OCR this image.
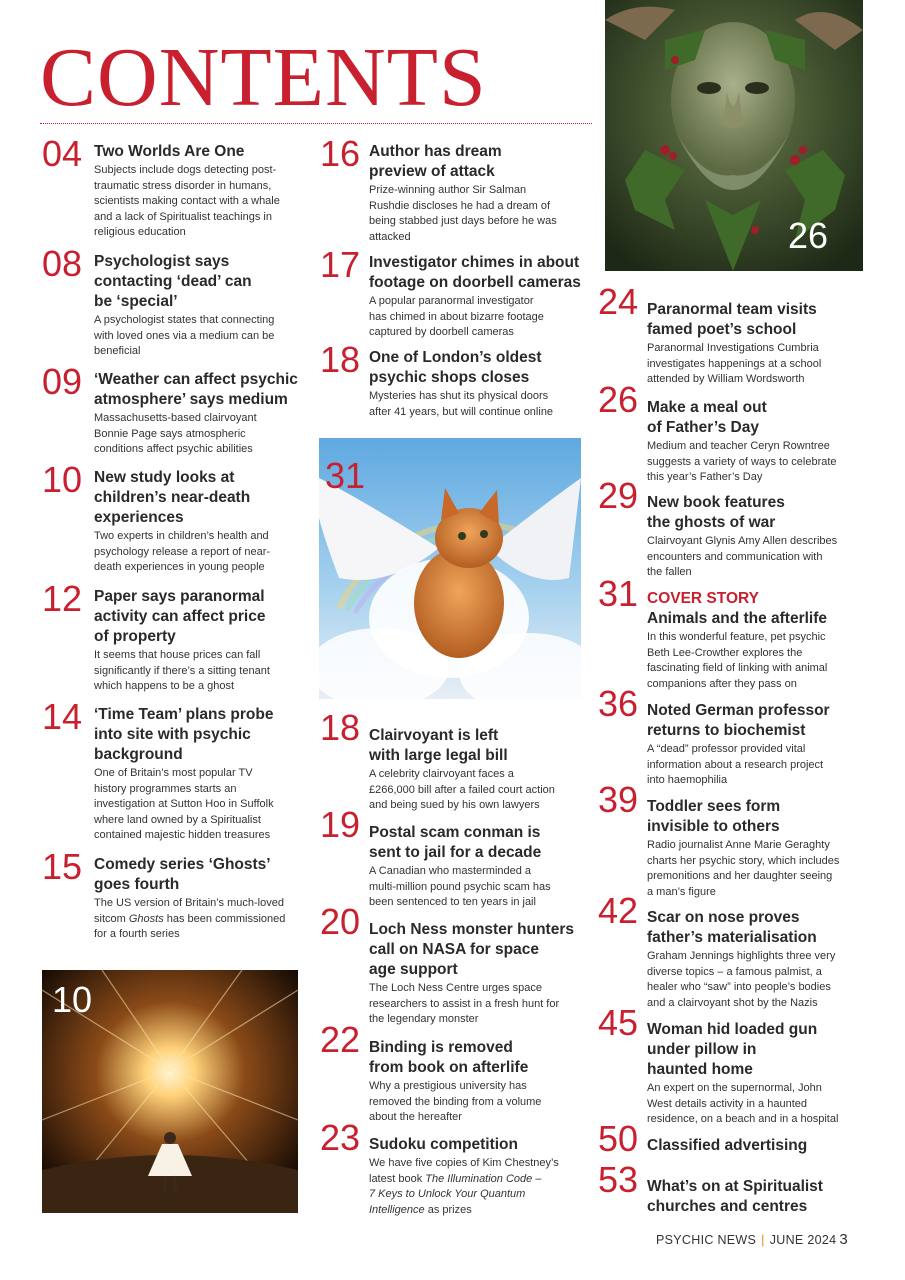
CONTENTS
26
31
10
04 Two Worlds Are One
Subjects include dogs detecting post-
traumatic stress disorder in humans,
scientists making contact with a whale
and a lack of Spiritualist teachings in
religious education
08 Psychologist says
contacting ‘dead’ can
be ‘special’
A psychologist states that connecting
with loved ones via a medium can be
beneficial
09 ‘Weather can affect psychic
atmosphere’ says medium
Massachusetts-based clairvoyant
Bonnie Page says atmospheric
conditions affect psychic abilities
10 New study looks at
children’s near-death
experiences
Two experts in children’s health and
psychology release a report of near-
death experiences in young people
12 Paper says paranormal
activity can affect price
of property
It seems that house prices can fall
significantly if there’s a sitting tenant
which happens to be a ghost
14 ‘Time Team’ plans probe
into site with psychic
background
One of Britain’s most popular TV
history programmes starts an
investigation at Sutton Hoo in Suffolk
where land owned by a Spiritualist
contained majestic hidden treasures
15 Comedy series ‘Ghosts’
goes fourth
The US version of Britain’s much-loved
sitcom Ghosts has been commissioned
for a fourth series
16 Author has dream
preview of attack
Prize-winning author Sir Salman
Rushdie discloses he had a dream of
being stabbed just days before he was
attacked
17 Investigator chimes in about
footage on doorbell cameras
A popular paranormal investigator
has chimed in about bizarre footage
captured by doorbell cameras
18 One of London’s oldest
psychic shops closes
Mysteries has shut its physical doors
after 41 years, but will continue online
18 Clairvoyant is left
with large legal bill
A celebrity clairvoyant faces a
£266,000 bill after a failed court action
and being sued by his own lawyers
19 Postal scam conman is
sent to jail for a decade
A Canadian who masterminded a
multi-million pound psychic scam has
been sentenced to ten years in jail
20 Loch Ness monster hunters
call on NASA for space
age support
The Loch Ness Centre urges space
researchers to assist in a fresh hunt for
the legendary monster
22 Binding is removed
from book on afterlife
Why a prestigious university has
removed the binding from a volume
about the hereafter
23 Sudoku competition
We have five copies of Kim Chestney’s
latest book The Illumination Code –
7 Keys to Unlock Your Quantum
Intelligence as prizes
24 Paranormal team visits
famed poet’s school
Paranormal Investigations Cumbria
investigates happenings at a school
attended by William Wordsworth
26 Make a meal out
of Father’s Day
Medium and teacher Ceryn Rowntree
suggests a variety of ways to celebrate
this year’s Father’s Day
29 New book features
the ghosts of war
Clairvoyant Glynis Amy Allen describes
encounters and communication with
the fallen
31 COVER STORY
Animals and the afterlife
In this wonderful feature, pet psychic
Beth Lee-Crowther explores the
fascinating field of linking with animal
companions after they pass on
36 Noted German professor
returns to biochemist
A “dead” professor provided vital
information about a research project
into haemophilia
39 Toddler sees form
invisible to others
Radio journalist Anne Marie Geraghty
charts her psychic story, which includes
premonitions and her daughter seeing
a man’s figure
42 Scar on nose proves
father’s materialisation
Graham Jennings highlights three very
diverse topics – a famous palmist, a
healer who “saw” into people’s bodies
and a clairvoyant shot by the Nazis
45 Woman hid loaded gun
under pillow in
haunted home
An expert on the supernormal, John
West details activity in a haunted
residence, on a beach and in a hospital
50 Classified advertising
53 What’s on at Spiritualist
churches and centres
PSYCHIC NEWS | JUNE 2024 3
